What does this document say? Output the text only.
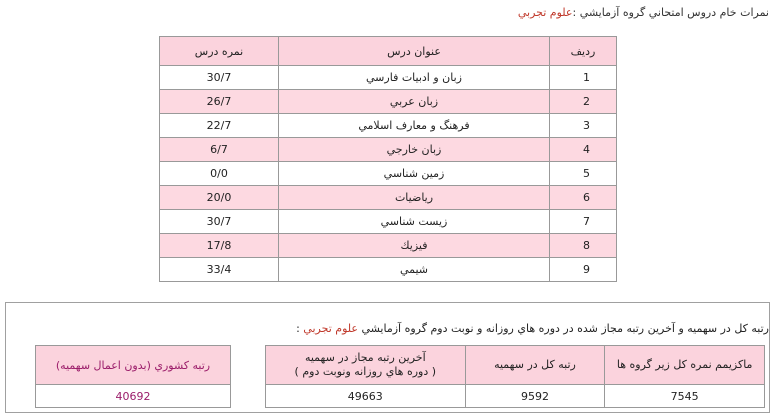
نمرات خام دروس امتحاني گروه آزمايشي :علوم تجربي
رديف	عنوان درس	نمره درس
1	زبان و ادبيات فارسي	30/7
2	زبان عربي	26/7
3	فرهنگ و معارف اسلامي	22/7
4	زبان خارجي	6/7
5	زمين شناسي	0/0
6	رياضيات	20/0
7	زيست شناسي	30/7
8	فيزيك	17/8
9	شيمي	33/4
رتبه كل در سهميه و آخرين رتبه مجاز شده در دوره هاي روزانه و نوبت دوم گروه آزمايشي علوم تجربي :
ماكزيمم نمره كل زير گروه ها	رتبه كل در سهميه	آخرين رتبه مجاز در سهميه
( دوره هاي روزانه ونوبت دوم )

7545	9592	49663
رتبه كشوري (بدون اعمال سهميه)
40692
